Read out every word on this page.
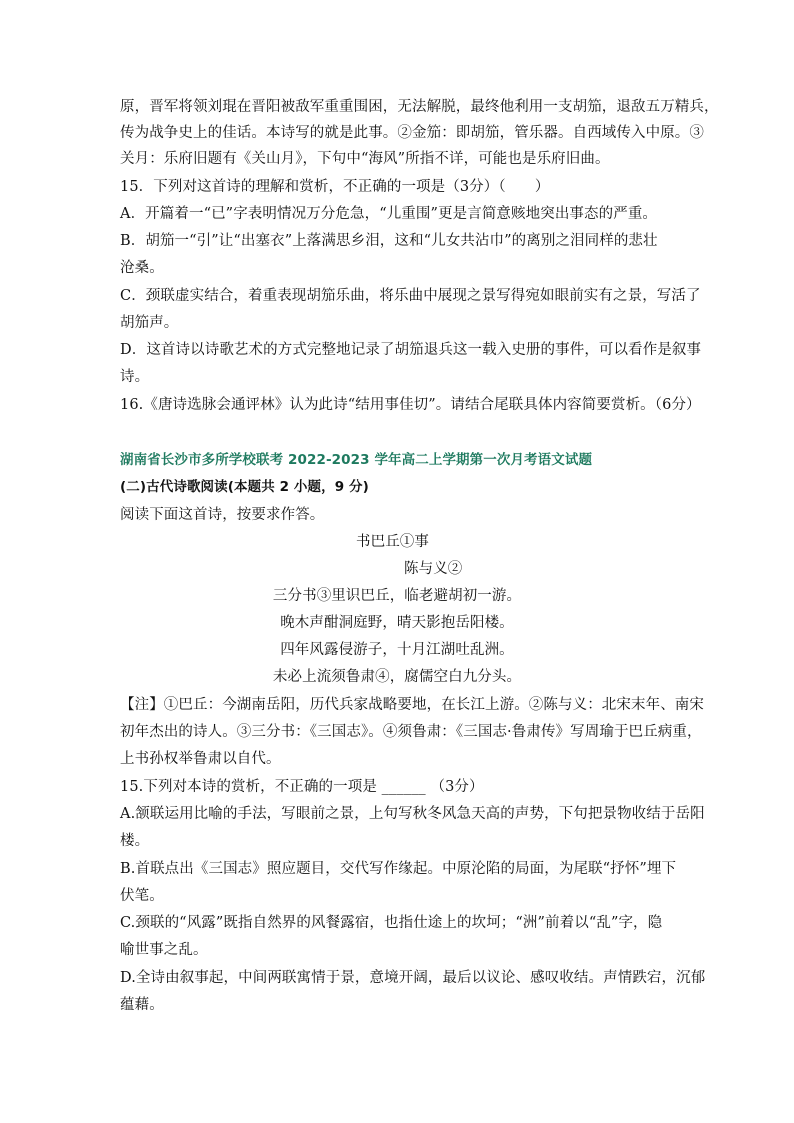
原，晋军将领刘琨在晋阳被敌军重重围困，无法解脱，最终他利用一支胡笳，退敌五万精兵，
传为战争史上的佳话。本诗写的就是此事。②金笳：即胡笳，管乐器。自西域传入中原。③
关月：乐府旧题有《关山月》，下句中“海风”所指不详，可能也是乐府旧曲。
15．下列对这首诗的理解和赏析，不正确的一项是（3分）（　　）
A．开篇着一“已”字表明情况万分危急，“儿重围”更是言简意赅地突出事态的严重。
B．胡笳一“引”让“出塞衣”上落满思乡泪，这和“儿女共沾巾”的离别之泪同样的悲壮
沧桑。
C．颈联虚实结合，着重表现胡笳乐曲，将乐曲中展现之景写得宛如眼前实有之景，写活了
胡笳声。
D．这首诗以诗歌艺术的方式完整地记录了胡笳退兵这一载入史册的事件，可以看作是叙事
诗。
16.《唐诗选脉会通评林》认为此诗“结用事佳切”。请结合尾联具体内容简要赏析。（6分）
湖南省长沙市多所学校联考 2022-2023 学年高二上学期第一次月考语文试题
(二)古代诗歌阅读(本题共 2 小题，9 分)
阅读下面这首诗，按要求作答。
书巴丘①事
陈与义②
三分书③里识巴丘，临老避胡初一游。
晚木声酣洞庭野，晴天影抱岳阳楼。
四年风露侵游子，十月江湖吐乱洲。
未必上流须鲁肃④，腐儒空白九分头。
【注】①巴丘：今湖南岳阳，历代兵家战略要地，在长江上游。②陈与义：北宋末年、南宋
初年杰出的诗人。③三分书：《三国志》。④须鲁肃：《三国志·鲁肃传》写周瑜于巴丘病重，
上书孙权举鲁肃以自代。
15.下列对本诗的赏析，不正确的一项是 ______ （3分）
A.颔联运用比喻的手法，写眼前之景，上句写秋冬风急天高的声势，下句把景物收结于岳阳
楼。
B.首联点出《三国志》照应题目，交代写作缘起。中原沦陷的局面，为尾联“抒怀”埋下
伏笔。
C.颈联的“风露”既指自然界的风餐露宿，也指仕途上的坎坷；“洲”前着以“乱”字，隐
喻世事之乱。
D.全诗由叙事起，中间两联寓情于景，意境开阔，最后以议论、感叹收结。声情跌宕，沉郁
蕴藉。
